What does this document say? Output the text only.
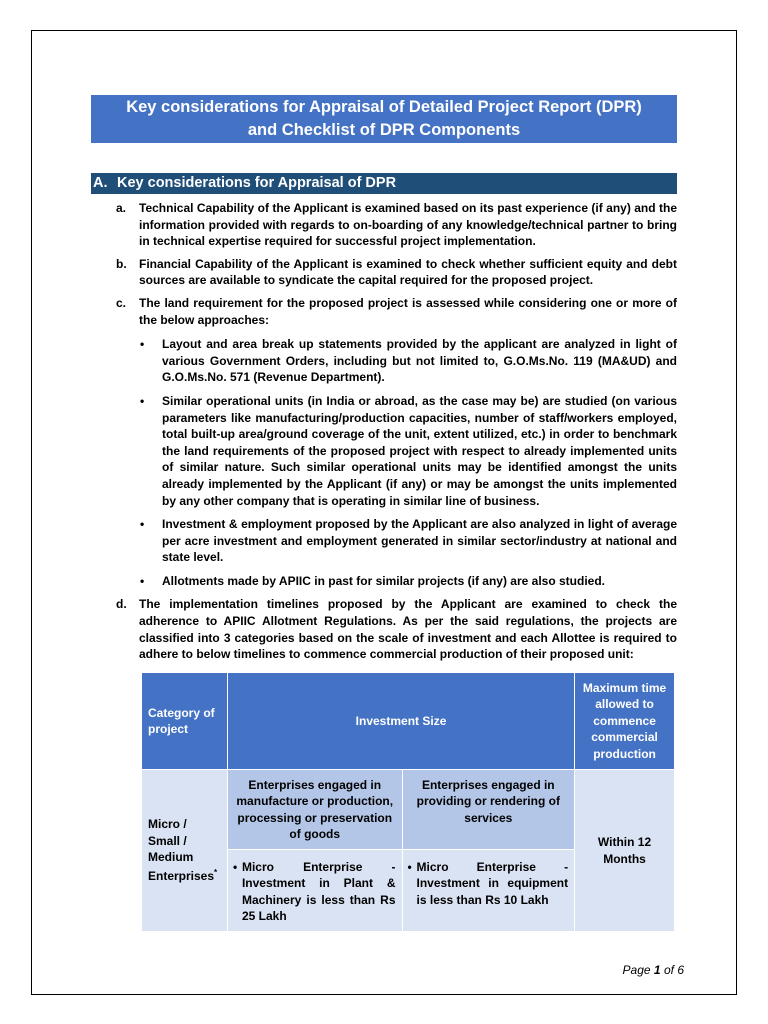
Key considerations for Appraisal of Detailed Project Report (DPR)
and Checklist of DPR Components
A. Key considerations for Appraisal of DPR
a. Technical Capability of the Applicant is examined based on its past experience (if any) and the information provided with regards to on-boarding of any knowledge/technical partner to bring in technical expertise required for successful project implementation.
b. Financial Capability of the Applicant is examined to check whether sufficient equity and debt sources are available to syndicate the capital required for the proposed project.
c. The land requirement for the proposed project is assessed while considering one or more of the below approaches:
• Layout and area break up statements provided by the applicant are analyzed in light of various Government Orders, including but not limited to, G.O.Ms.No. 119 (MA&UD) and G.O.Ms.No. 571 (Revenue Department).
• Similar operational units (in India or abroad, as the case may be) are studied (on various parameters like manufacturing/production capacities, number of staff/workers employed, total built-up area/ground coverage of the unit, extent utilized, etc.) in order to benchmark the land requirements of the proposed project with respect to already implemented units of similar nature. Such similar operational units may be identified amongst the units already implemented by the Applicant (if any) or may be amongst the units implemented by any other company that is operating in similar line of business.
• Investment & employment proposed by the Applicant are also analyzed in light of average per acre investment and employment generated in similar sector/industry at national and state level.
• Allotments made by APIIC in past for similar projects (if any) are also studied.
d. The implementation timelines proposed by the Applicant are examined to check the adherence to APIIC Allotment Regulations. As per the said regulations, the projects are classified into 3 categories based on the scale of investment and each Allottee is required to adhere to below timelines to commence commercial production of their proposed unit:
Category of project	Investment Size		Maximum time allowed to commence commercial production
Micro / Small / Medium Enterprises*	Enterprises engaged in manufacture or production, processing or preservation of goods	Enterprises engaged in providing or rendering of services	Within 12 Months

	• Micro Enterprise - Investment in Plant & Machinery is less than Rs 25 Lakh	• Micro Enterprise - Investment in equipment is less than Rs 10 Lakh	
Page 1 of 6
